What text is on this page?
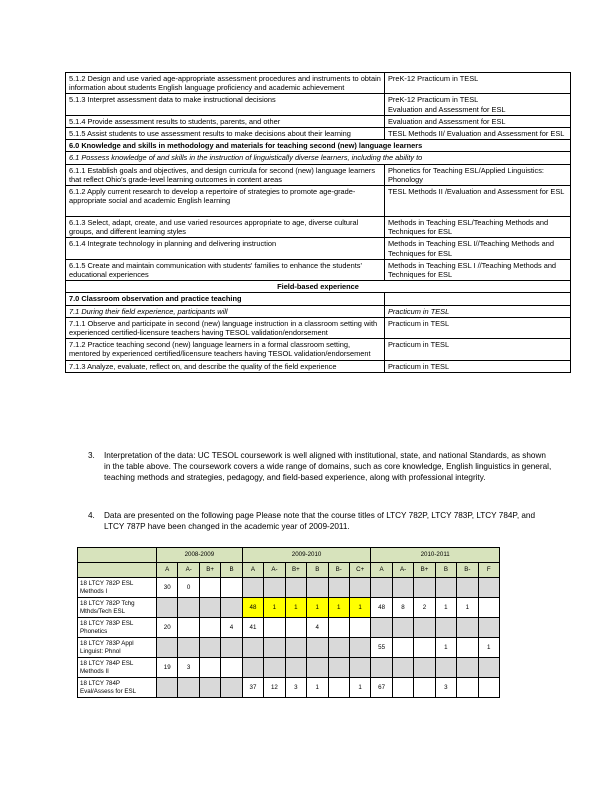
5.1.2 Design and use varied age-appropriate assessment procedures and instruments to obtain information about students English language proficiency and academic achievement	PreK-12 Practicum in TESL
5.1.3 Interpret assessment data to make instructional decisions	PreK-12 Practicum in TESL
Evaluation and Assessment for ESL
5.1.4 Provide assessment results to students, parents, and other	Evaluation and Assessment for ESL
5.1.5 Assist students to use assessment results to make decisions about their learning	TESL Methods II/ Evaluation and Assessment for ESL
6.0 Knowledge and skills in methodology and materials for teaching second (new) language learners	
6.1 Possess knowledge of and skills in the instruction of linguistically diverse learners, including the ability to	
6.1.1 Establish goals and objectives, and design curricula for second (new) language learners that reflect Ohio's grade-level learning outcomes in content areas	Phonetics for Teaching ESL/Applied Linguistics: Phonology
6.1.2 Apply current research to develop a repertoire of strategies to promote age-grade-appropriate social and academic English learning	TESL Methods II /Evaluation and Assessment for ESL
6.1.3 Select, adapt, create, and use varied resources appropriate to age, diverse cultural groups, and different learning styles	Methods in Teaching ESL/Teaching Methods and Techniques for ESL
6.1.4 Integrate technology in planning and delivering instruction	Methods in Teaching ESL I//Teaching Methods and Techniques for ESL
6.1.5 Create and maintain communication with students' families to enhance the students' educational experiences	Methods in Teaching ESL I //Teaching Methods and Techniques for ESL
Field-based experience	
7.0 Classroom observation and practice teaching	
7.1 During their field experience, participants will	Practicum in TESL
7.1.1 Observe and participate in second (new) language instruction in a classroom setting with experienced certified-licensure teachers having TESOL validation/endorsement	Practicum in TESL
7.1.2 Practice teaching second (new) language learners in a formal classroom setting, mentored by experienced certified/licensure teachers having TESOL validation/endorsement	Practicum in TESL
7.1.3 Analyze, evaluate, reflect on, and describe the quality of the field experience	Practicum in TESL
3. Interpretation of the data: UC TESOL coursework is well aligned with institutional, state, and national Standards, as shown in the table above. The coursework covers a wide range of domains, such as core knowledge, English linguistics in general, teaching methods and strategies, pedagogy, and field-based experience, along with professional integrity.
4. Data are presented on the following page Please note that the course titles of LTCY 782P, LTCY 783P, LTCY 784P, and LTCY 787P have been changed in the academic year of 2009-2011.
	2008-2009				2009-2010						2010-2011					
	A	A-	B+	B	A	A-	B+	B	B-	C+	A	A-	B+	B	B-	F
18 LTCY 782P ESL Methods I	30	0														
18 LTCY 782P Tchg Mthds/Tech ESL					48	1	1	1	1	1	48	8	2	1	1	
18 LTCY 783P ESL Phonetics	20			4	41			4								
18 LTCY 783P Appl Linguist: Phnol											55			1		1
18 LTCY 784P ESL Methods II	19	3														
18 LTCY 784P Eval/Assess for ESL					37	12	3	1		1	67			3		
